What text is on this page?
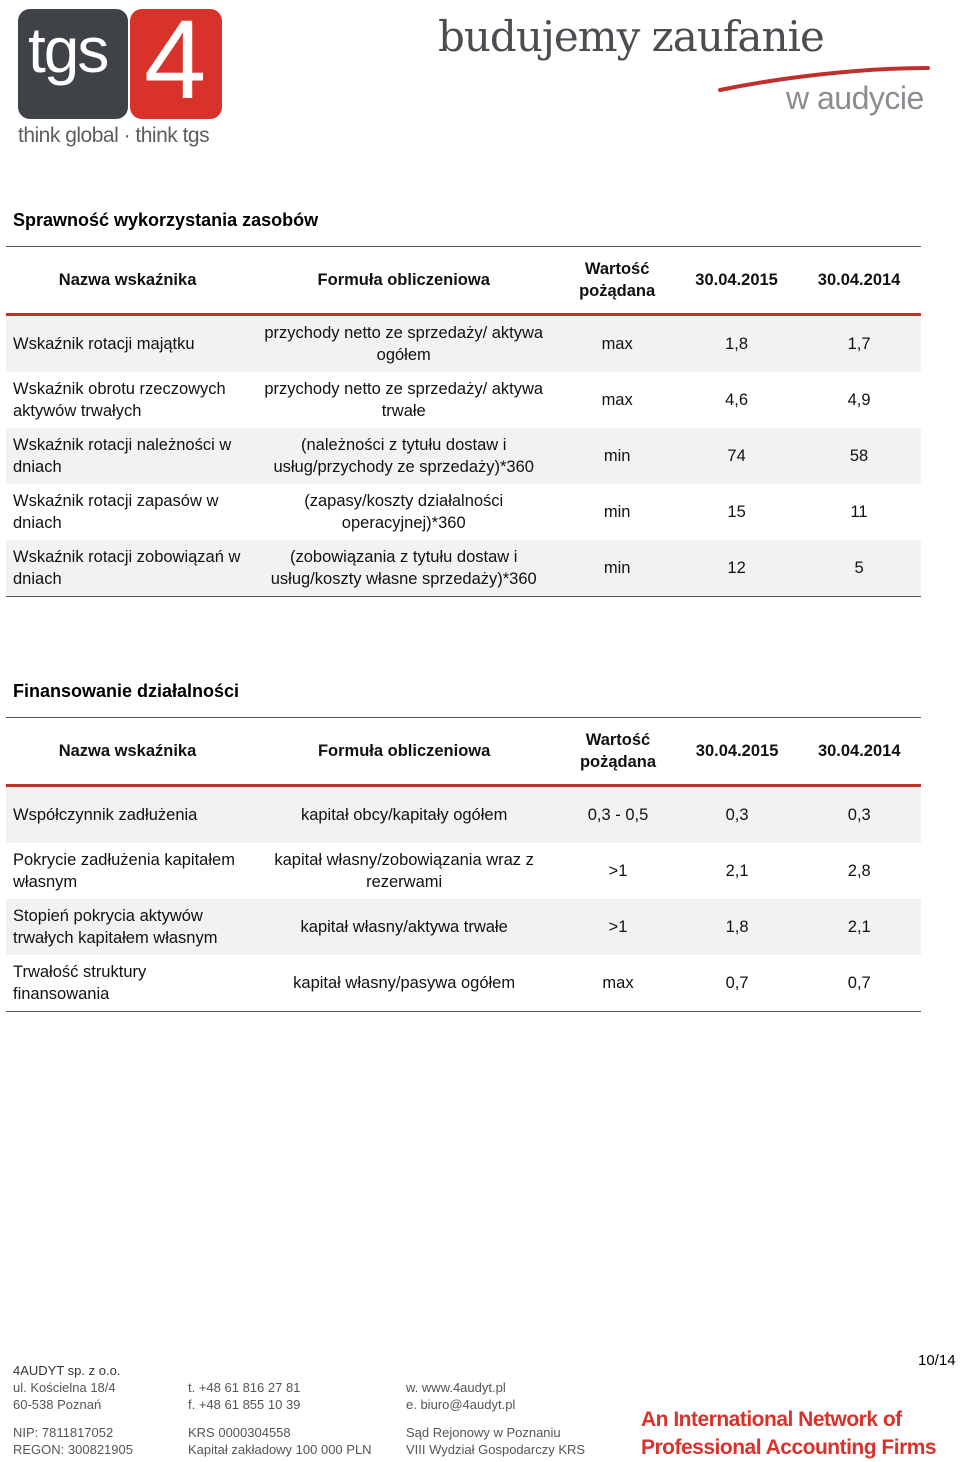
tgs 4
think global · think tgs
budujemy zaufanie
w audycie
Sprawność wykorzystania zasobów
Nazwa wskaźnika	Formuła obliczeniowa	Wartość pożądana	30.04.2015	30.04.2014
Wskaźnik rotacji majątku	przychody netto ze sprzedaży/ aktywa ogółem	max	1,8	1,7
Wskaźnik obrotu rzeczowych aktywów trwałych	przychody netto ze sprzedaży/ aktywa trwałe	max	4,6	4,9
Wskaźnik rotacji należności w dniach	(należności z tytułu dostaw i usług/przychody ze sprzedaży)*360	min	74	58
Wskaźnik rotacji zapasów w dniach	(zapasy/koszty działalności operacyjnej)*360	min	15	11
Wskaźnik rotacji zobowiązań w dniach	(zobowiązania z tytułu dostaw i usług/koszty własne sprzedaży)*360	min	12	5
Finansowanie działalności
Nazwa wskaźnika	Formuła obliczeniowa	Wartość pożądana	30.04.2015	30.04.2014
Współczynnik zadłużenia	kapitał obcy/kapitały ogółem	0,3 - 0,5	0,3	0,3
Pokrycie zadłużenia kapitałem własnym	kapitał własny/zobowiązania wraz z rezerwami	>1	2,1	2,8
Stopień pokrycia aktywów trwałych kapitałem własnym	kapitał własny/aktywa trwałe	>1	1,8	2,1
Trwałość struktury finansowania	kapitał własny/pasywa ogółem	max	0,7	0,7
4AUDYT sp. z o.o.
ul. Kościelna 18/4
60-538 Poznań
NIP: 7811817052
REGON: 300821905
t. +48 61 816 27 81
f. +48 61 855 10 39
KRS 0000304558
Kapitał zakładowy 100 000 PLN
w. www.4audyt.pl
e. biuro@4audyt.pl
Sąd Rejonowy w Poznaniu
VIII Wydział Gospodarczy KRS
10/14
An International Network of
Professional Accounting Firms
